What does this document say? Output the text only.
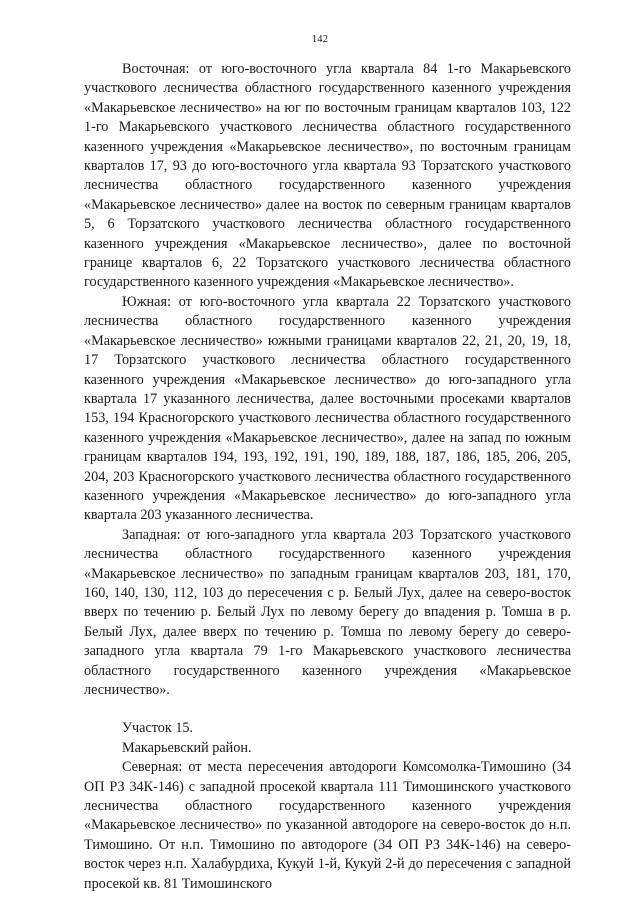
142

Восточная: от юго-восточного угла квартала 84 1-го Макарьевского участкового лесничества областного государственного казенного учреждения «Макарьевское лесничество» на юг по восточным границам кварталов 103, 122 1-го Макарьевского участкового лесничества областного государственного казенного учреждения «Макарьевское лесничество», по восточным границам кварталов 17, 93 до юго-восточного угла квартала 93 Торзатского участкового лесничества областного государственного казенного учреждения «Макарьевское лесничество» далее на восток по северным границам кварталов 5, 6 Торзатского участкового лесничества областного государственного казенного учреждения «Макарьевское лесничество», далее по восточной границе кварталов 6, 22 Торзатского участкового лесничества областного государственного казенного учреждения «Макарьевское лесничество».

Южная: от юго-восточного угла квартала 22 Торзатского участкового лесничества областного государственного казенного учреждения «Макарьевское лесничество» южными границами кварталов 22, 21, 20, 19, 18, 17 Торзатского участкового лесничества областного государственного казенного учреждения «Макарьевское лесничество» до юго-западного угла квартала 17 указанного лесничества, далее восточными просеками кварталов 153, 194 Красногорского участкового лесничества областного государственного казенного учреждения «Макарьевское лесничество», далее на запад по южным границам кварталов 194, 193, 192, 191, 190, 189, 188, 187, 186, 185, 206, 205, 204, 203 Красногорского участкового лесничества областного государственного казенного учреждения «Макарьевское лесничество» до юго-западного угла квартала 203 указанного лесничества.

Западная: от юго-западного угла квартала 203 Торзатского участкового лесничества областного государственного казенного учреждения «Макарьевское лесничество» по западным границам кварталов 203, 181, 170, 160, 140, 130, 112, 103 до пересечения с р. Белый Лух, далее на северо-восток вверх по течению р. Белый Лух по левому берегу до впадения р. Томша в р. Белый Лух, далее вверх по течению р. Томша по левому берегу до северо-западного угла квартала 79 1-го Макарьевского участкового лесничества областного государственного казенного учреждения «Макарьевское лесничество».

Участок 15.

Макарьевский район.

Северная: от места пересечения автодороги Комсомолка-Тимошино (34 ОП РЗ 34К-146) с западной просекой квартала 111 Тимошинского участкового лесничества областного государственного казенного учреждения «Макарьевское лесничество» по указанной автодороге на северо-восток до н.п. Тимошино. От н.п. Тимошино по автодороге (34 ОП РЗ 34К-146) на северо-восток через н.п. Халабурдиха, Кукуй 1-й, Кукуй 2-й до пересечения с западной просекой кв. 81 Тимошинского
